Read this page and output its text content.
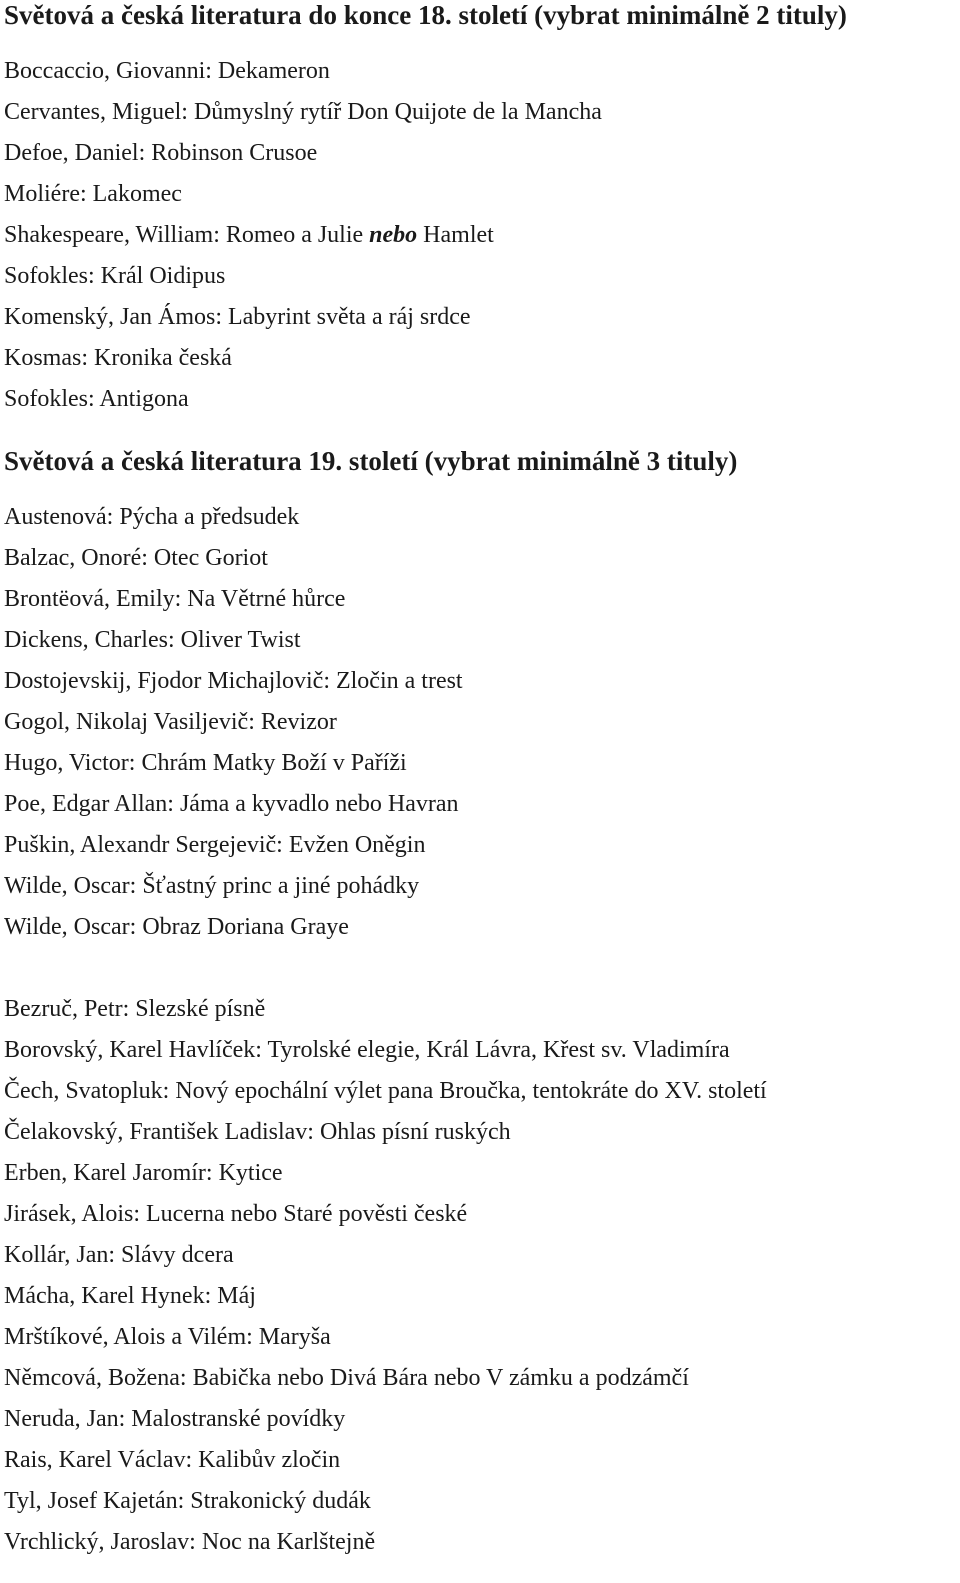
Světová a česká literatura do konce 18. století (vybrat minimálně 2 tituly)
Boccaccio, Giovanni: Dekameron
Cervantes, Miguel: Důmyslný rytíř Don Quijote de la Mancha
Defoe, Daniel: Robinson Crusoe
Moliére: Lakomec
Shakespeare, William: Romeo a Julie nebo Hamlet
Sofokles: Král Oidipus
Komenský, Jan Ámos: Labyrint světa a ráj srdce
Kosmas: Kronika česká
Sofokles: Antigona
Světová a česká literatura 19. století (vybrat minimálně 3 tituly)
Austenová: Pýcha a předsudek
Balzac, Onoré: Otec Goriot
Brontëová, Emily: Na Větrné hůrce
Dickens, Charles: Oliver Twist
Dostojevskij, Fjodor Michajlovič: Zločin a trest
Gogol, Nikolaj Vasiljevič: Revizor
Hugo, Victor: Chrám Matky Boží v Paříži
Poe, Edgar Allan: Jáma a kyvadlo nebo Havran
Puškin, Alexandr Sergejevič: Evžen Oněgin
Wilde, Oscar: Šťastný princ a jiné pohádky
Wilde, Oscar: Obraz Doriana Graye
Bezruč, Petr: Slezské písně
Borovský, Karel Havlíček: Tyrolské elegie, Král Lávra, Křest sv. Vladimíra
Čech, Svatopluk: Nový epochální výlet pana Broučka, tentokráte do XV. století
Čelakovský, František Ladislav: Ohlas písní ruských
Erben, Karel Jaromír: Kytice
Jirásek, Alois: Lucerna nebo Staré pověsti české
Kollár, Jan: Slávy dcera
Mácha, Karel Hynek: Máj
Mrštíkové, Alois a Vilém: Maryša
Němcová, Božena: Babička nebo Divá Bára nebo V zámku a podzámčí
Neruda, Jan: Malostranské povídky
Rais, Karel Václav: Kalibův zločin
Tyl, Josef Kajetán: Strakonický dudák
Vrchlický, Jaroslav: Noc na Karlštejně
